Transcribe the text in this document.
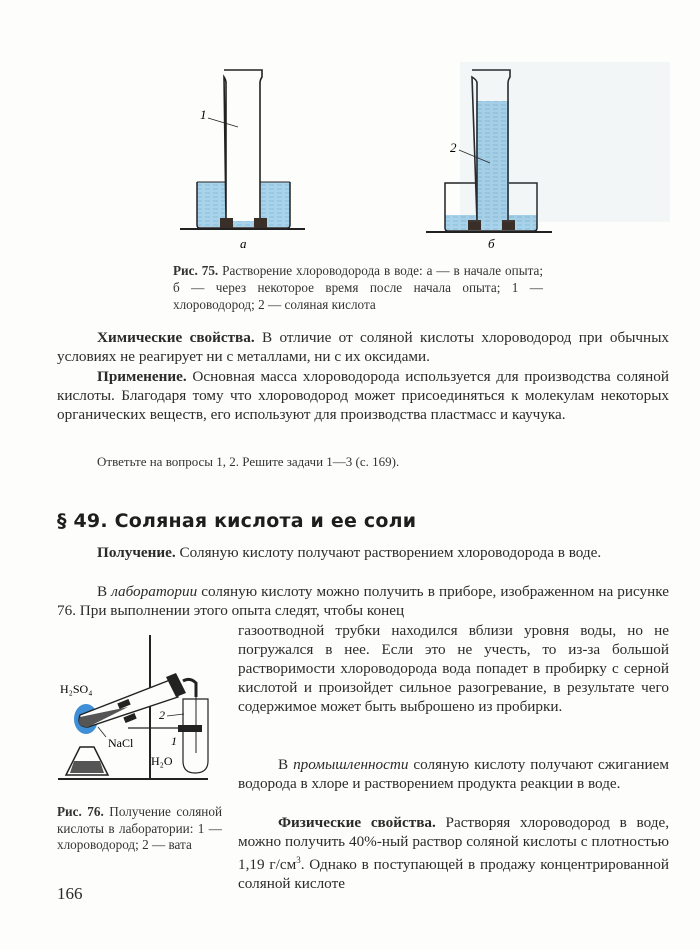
1
а
2
б
Рис. 75. Растворение хлороводорода в воде: а — в начале опыта; б — через некоторое время после начала опыта; 1 — хлороводород; 2 — соляная кислота
Химические свойства. В отличие от соляной кислоты хлороводород при обычных условиях не реагирует ни с металлами, ни с их оксидами.
Применение. Основная масса хлороводорода используется для производства соляной кислоты. Благодаря тому что хлороводород может присоединяться к молекулам некоторых органических веществ, его используют для производства пластмасс и каучука.
Ответьте на вопросы 1, 2. Решите задачи 1—3 (с. 169).
§ 49. Соляная кислота и ее соли
Получение. Соляную кислоту получают растворением хлороводорода в воде.
В лаборатории соляную кислоту можно получить в приборе, изображенном на рисунке 76. При выполнении этого опыта следят, чтобы конец
газоотводной трубки находился вблизи уровня воды, но не погружался в нее. Если это не учесть, то из-за большой растворимости хлороводорода вода попадет в пробирку с серной кислотой и произойдет сильное разогревание, в результате чего содержимое может быть выброшено из пробирки.
В промышленности соляную кислоту получают сжиганием водорода в хлоре и растворением продукта реакции в воде.
Физические свойства. Растворяя хлороводород в воде, можно получить 40%-ный раствор соляной кислоты с плотностью 1,19 $г/см^3$. Однако в поступающей в продажу концентрированной соляной кислоте
H₂SO₄
NaCl
H₂O
1
2
Рис. 76. Получение соляной кислоты в лаборатории: 1 — хлороводород; 2 — вата
166
